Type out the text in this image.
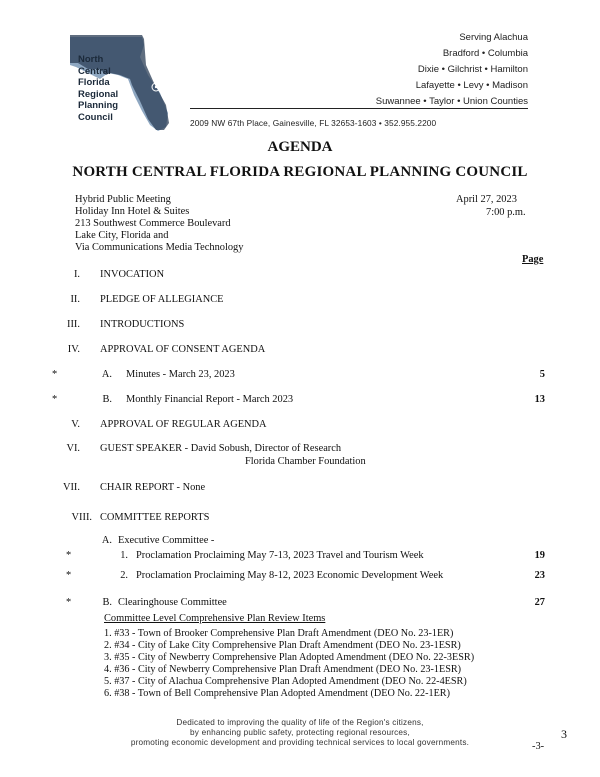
North
Central
Florida
Regional
Planning
Council
Serving Alachua
Bradford • Columbia
Dixie • Gilchrist • Hamilton
Lafayette • Levy • Madison
Suwannee • Taylor • Union Counties
2009 NW 67th Place, Gainesville, FL 32653-1603 • 352.955.2200
AGENDA
NORTH CENTRAL FLORIDA REGIONAL PLANNING COUNCIL
Hybrid Public Meeting
Holiday Inn Hotel & Suites
213 Southwest Commerce Boulevard
Lake City, Florida and
Via Communications Media Technology
April 27, 2023
7:00 p.m.
Page
I. INVOCATION
II. PLEDGE OF ALLEGIANCE
III. INTRODUCTIONS
IV. APPROVAL OF CONSENT AGENDA
*	A. Minutes - March 23, 2023	5
*	B. Monthly Financial Report - March 2023	13
V. APPROVAL OF REGULAR AGENDA
VI. GUEST SPEAKER - David Sobush, Director of Research
Florida Chamber Foundation
VII. CHAIR REPORT - None
VIII. COMMITTEE REPORTS
A. Executive Committee -
*	1. Proclamation Proclaiming May 7-13, 2023 Travel and Tourism Week	19
*	2. Proclamation Proclaiming May 8-12, 2023 Economic Development Week	23
*	B. Clearinghouse Committee	27
Committee Level Comprehensive Plan Review Items
1. #33 - Town of Brooker Comprehensive Plan Draft Amendment (DEO No. 23-1ER)
2. #34 - City of Lake City Comprehensive Plan Draft Amendment (DEO No. 23-1ESR)
3. #35 - City of Newberry Comprehensive Plan Adopted Amendment (DEO No. 22-3ESR)
4. #36 - City of Newberry Comprehensive Plan Draft Amendment (DEO No. 23-1ESR)
5. #37 - City of Alachua Comprehensive Plan Adopted Amendment (DEO No. 22-4ESR)
6. #38 - Town of Bell Comprehensive Plan Adopted Amendment (DEO No. 22-1ER)
Dedicated to improving the quality of life of the Region's citizens,
by enhancing public safety, protecting regional resources,
promoting economic development and providing technical services to local governments.
3
-3-
